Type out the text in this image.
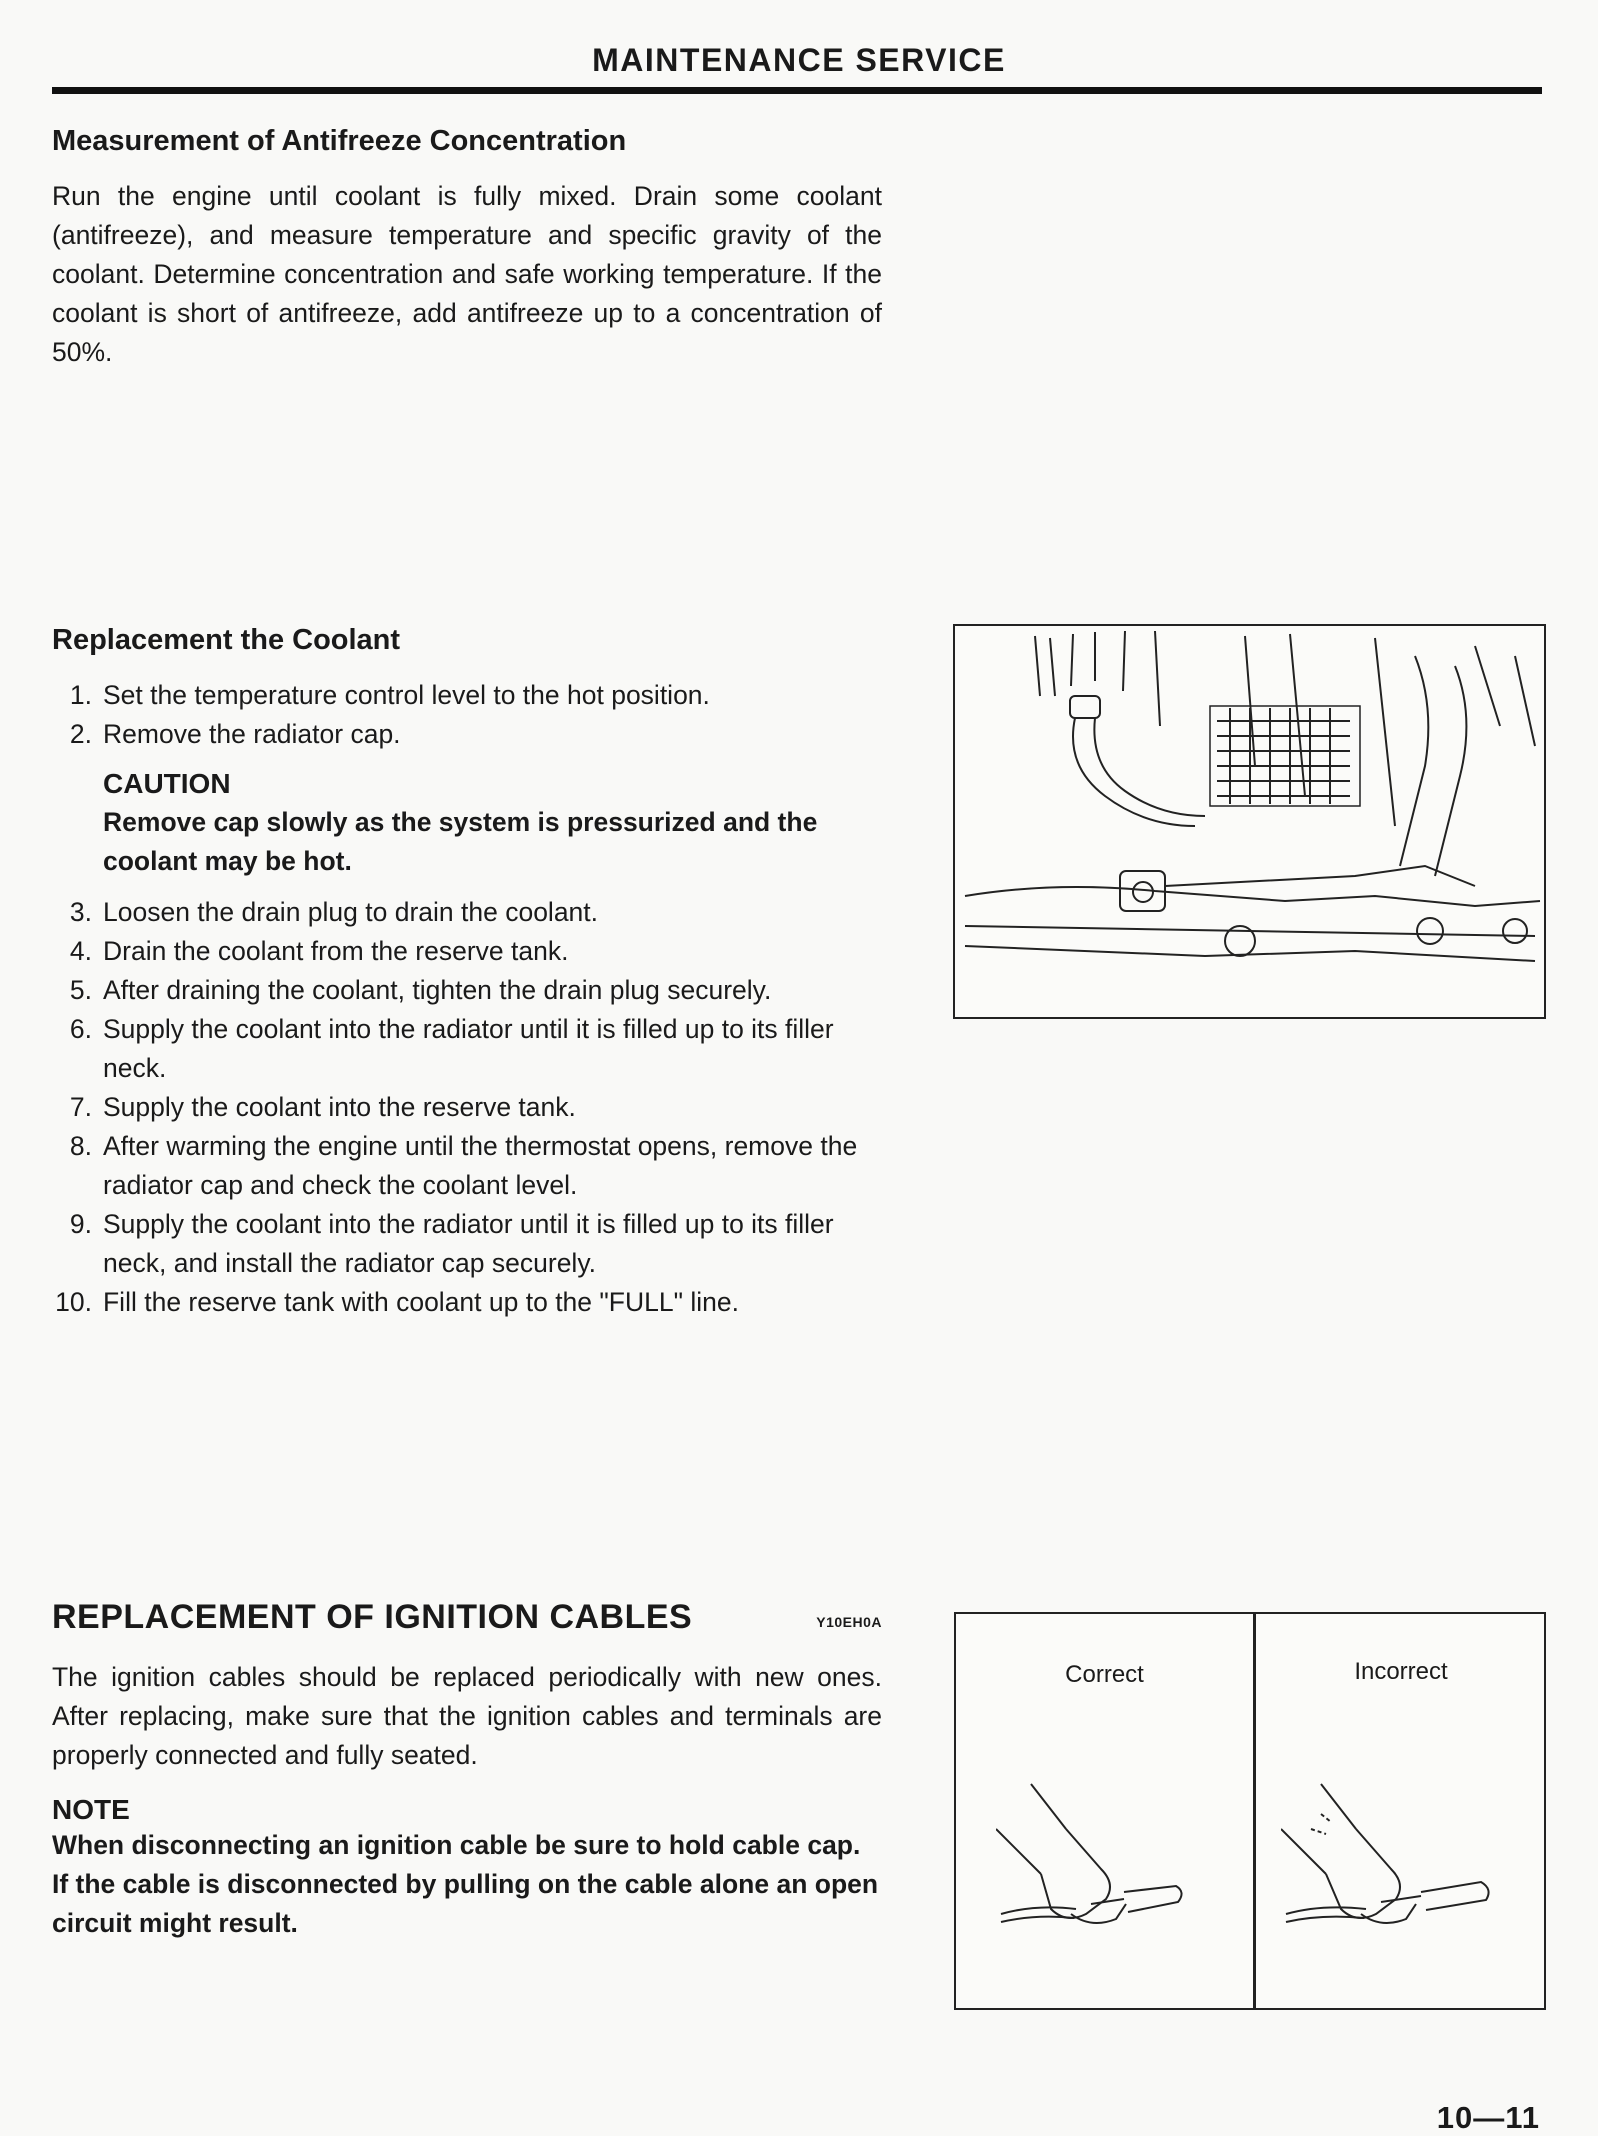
MAINTENANCE SERVICE
Measurement of Antifreeze Concentration

Run the engine until coolant is fully mixed. Drain some coolant (antifreeze), and measure temperature and specific gravity of the coolant. Determine concentration and safe working temperature. If the coolant is short of antifreeze, add antifreeze up to a concentration of 50%.

Replacement the Coolant
1. Set the temperature control level to the hot position.
2. Remove the radiator cap.
CAUTION
Remove cap slowly as the system is pressurized and the coolant may be hot.
3. Loosen the drain plug to drain the coolant.
4. Drain the coolant from the reserve tank.
5. After draining the coolant, tighten the drain plug securely.
6. Supply the coolant into the radiator until it is filled up to its filler neck.
7. Supply the coolant into the reserve tank.
8. After warming the engine until the thermostat opens, remove the radiator cap and check the coolant level.
9. Supply the coolant into the radiator until it is filled up to its filler neck, and install the radiator cap securely.
10. Fill the reserve tank with coolant up to the "FULL" line.
REPLACEMENT OF IGNITION CABLES	Y10EH0A

The ignition cables should be replaced periodically with new ones. After replacing, make sure that the ignition cables and terminals are properly connected and fully seated.

NOTE
When disconnecting an ignition cable be sure to hold cable cap. If the cable is disconnected by pulling on the cable alone an open circuit might result.
Correct	Incorrect
10—11
